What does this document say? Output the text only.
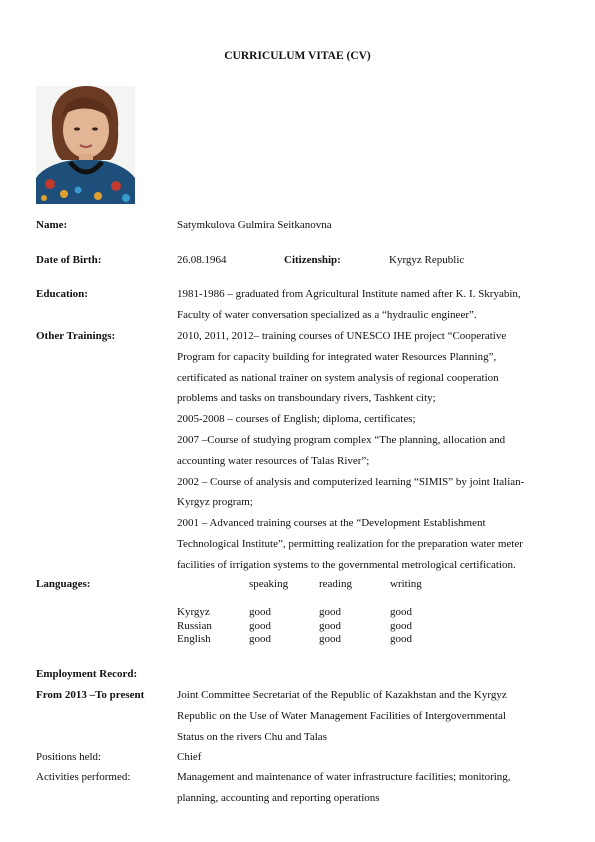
CURRICULUM VITAE (CV)
Name:	Satymkulova Gulmira Seitkanovna
Date of Birth:	26.08.1964	Citizenship:	Kyrgyz Republic
Education:	1981-1986 – graduated from Agricultural Institute named after K. I. Skryabin,
Faculty of water conversation specialized as a “hydraulic engineer”.
Other Trainings:	2010, 2011, 2012– training courses of UNESCO IHE project “Cooperative
Program for capacity building for integrated water Resources Planning”,
certificated as national trainer on system analysis of regional cooperation
problems and tasks on transboundary rivers, Tashkent city;
2005-2008 – courses of English; diploma, certificates;
2007 –Course of studying program complex “The planning, allocation and
accounting water resources of Talas River”;
2002 – Course of analysis and computerized learning “SIMIS” by joint Italian-
Kyrgyz program;
2001 – Advanced training courses at the “Development Establishment
Technological Institute”, permitting realization for the preparation water meter
facilities of irrigation systems to the governmental metrological certification.
Languages:	speaking	reading	writing
Kyrgyz	good	good	good
Russian	good	good	good
English	good	good	good
Employment Record:
From 2013 –To present	Joint Committee Secretariat of the Republic of Kazakhstan and the Kyrgyz
Republic on the Use of Water Management Facilities of Intergovernmental
Status on the rivers Chu and Talas
Positions held:	Chief
Activities performed:	Management and maintenance of water infrastructure facilities; monitoring,
planning, accounting and reporting operations
